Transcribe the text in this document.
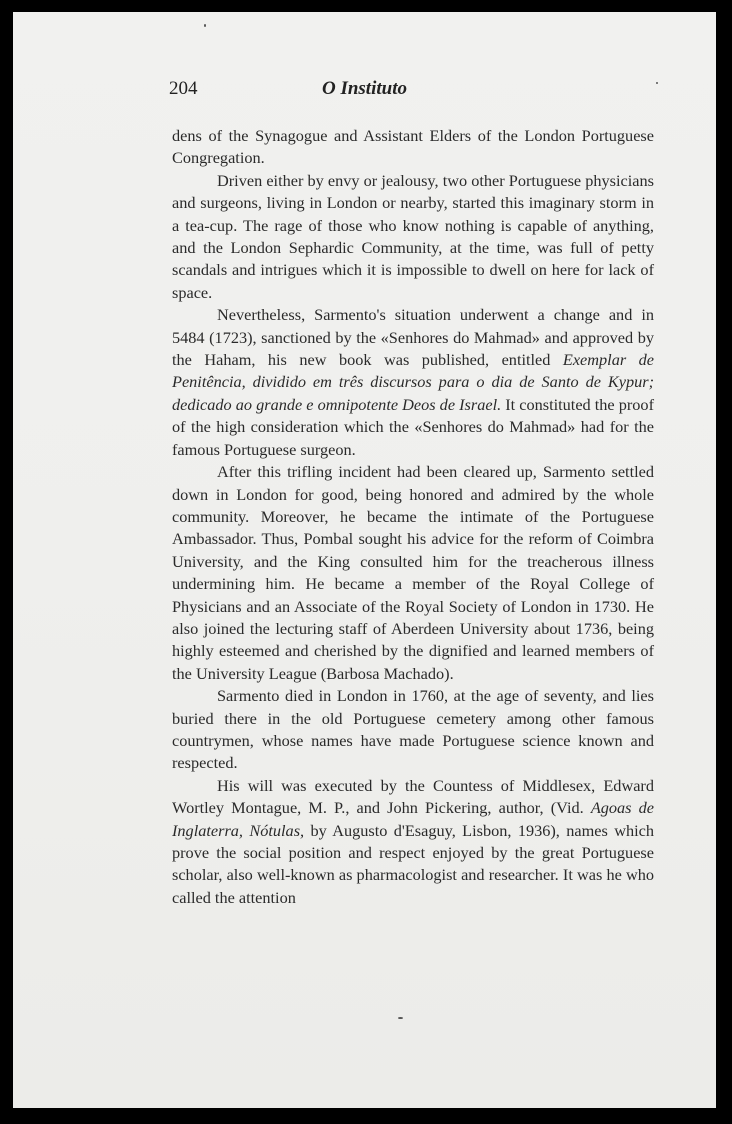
204	O Instituto

dens of the Synagogue and Assistant Elders of the London Portuguese Congregation.

Driven either by envy or jealousy, two other Portuguese physicians and surgeons, living in London or nearby, started this imaginary storm in a tea-cup. The rage of those who know nothing is capable of anything, and the London Sephardic Community, at the time, was full of petty scandals and intrigues which it is impossible to dwell on here for lack of space.

Nevertheless, Sarmento's situation underwent a change and in 5484 (1723), sanctioned by the «Senhores do Mahmad» and approved by the Haham, his new book was published, entitled Exemplar de Penitência, dividido em três discursos para o dia de Santo de Kypur; dedicado ao grande e omnipotente Deos de Israel. It constituted the proof of the high consideration which the «Senhores do Mahmad» had for the famous Portuguese surgeon.

After this trifling incident had been cleared up, Sarmento settled down in London for good, being honored and admired by the whole community. Moreover, he became the intimate of the Portuguese Ambassador. Thus, Pombal sought his advice for the reform of Coimbra University, and the King consulted him for the treacherous illness undermining him. He became a member of the Royal College of Physicians and an Associate of the Royal Society of London in 1730. He also joined the lecturing staff of Aberdeen University about 1736, being highly esteemed and cherished by the dignified and learned members of the University League (Barbosa Machado).

Sarmento died in London in 1760, at the age of seventy, and lies buried there in the old Portuguese cemetery among other famous countrymen, whose names have made Portuguese science known and respected.

His will was executed by the Countess of Middlesex, Edward Wortley Montague, M. P., and John Pickering, author, (Vid. Agoas de Inglaterra, Nótulas, by Augusto d'Esaguy, Lisbon, 1936), names which prove the social position and respect enjoyed by the great Portuguese scholar, also well-known as pharmacologist and researcher. It was he who called the attention
